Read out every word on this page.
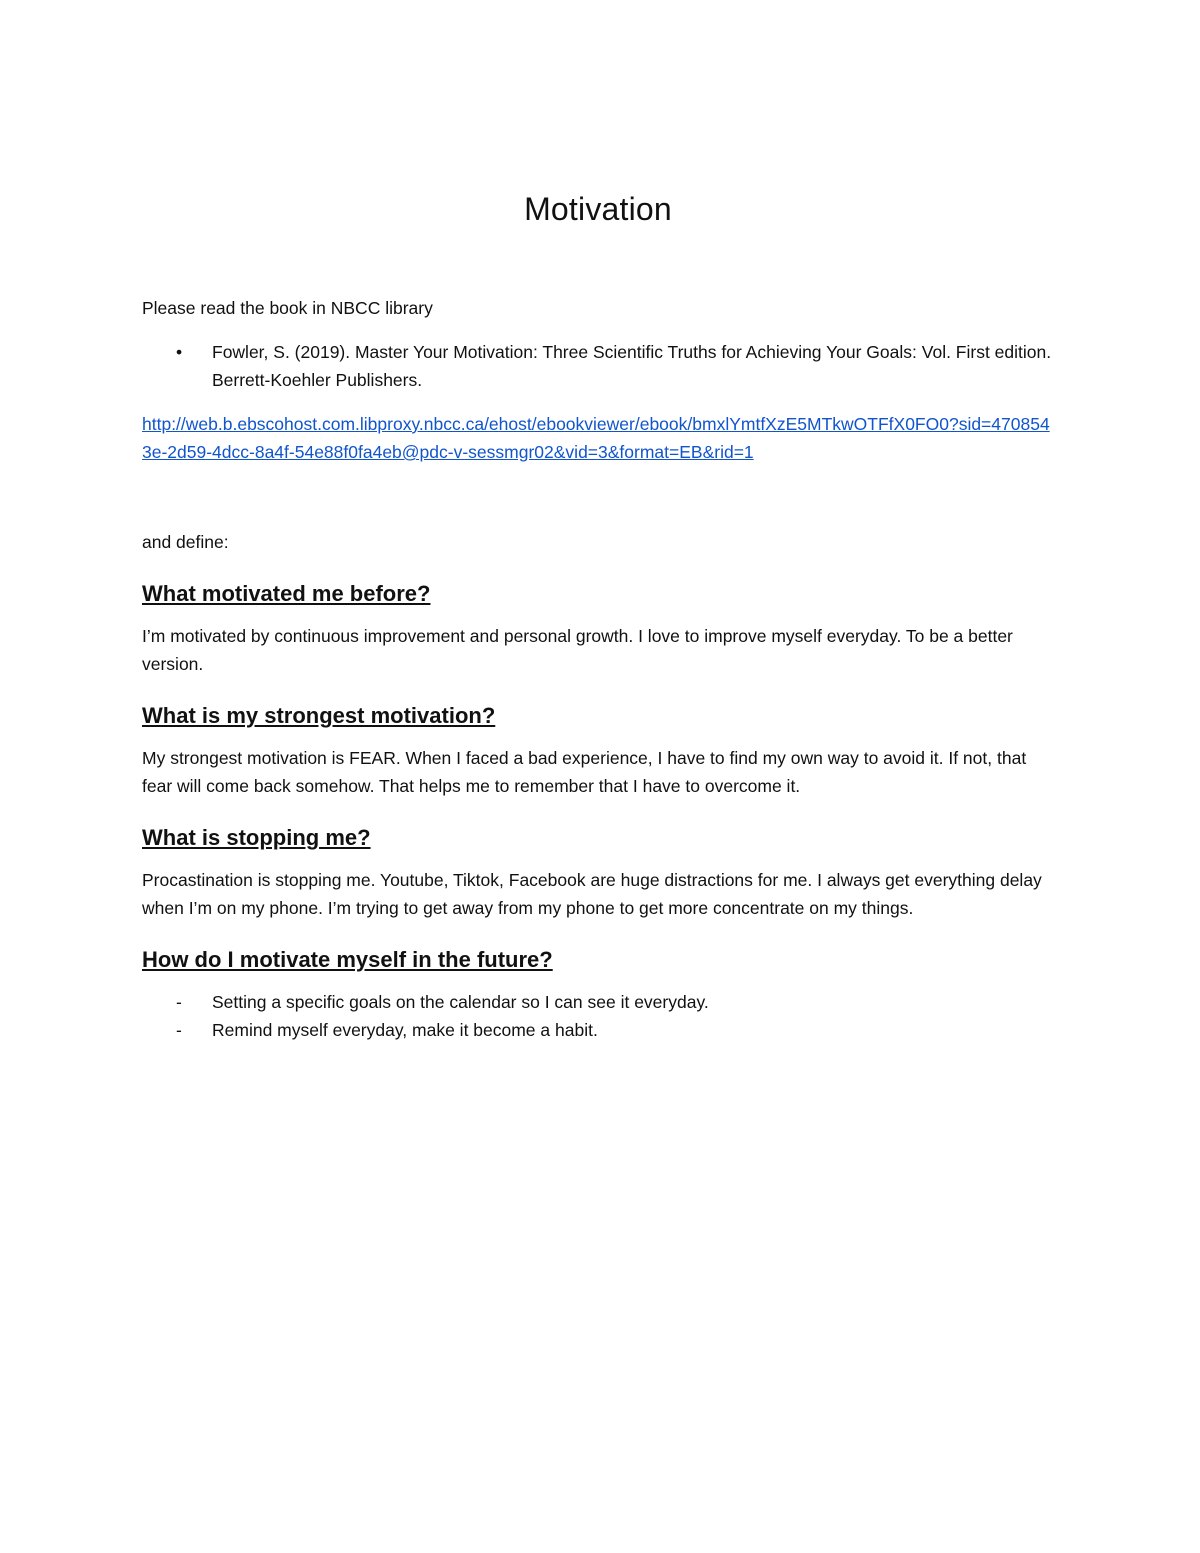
Motivation

Please read the book in NBCC library

• Fowler, S. (2019). Master Your Motivation: Three Scientific Truths for Achieving Your Goals: Vol. First edition. Berrett-Koehler Publishers.
http://web.b.ebscohost.com.libproxy.nbcc.ca/ehost/ebookviewer/ebook/bmxlYmtfXzE5MTkwOTFfX0FO0?sid=4708543e-2d59-4dcc-8a4f-54e88f0fa4eb@pdc-v-sessmgr02&vid=3&format=EB&rid=1

and define:

What motivated me before?

I’m motivated by continuous improvement and personal growth. I love to improve myself everyday. To be a better version.

What is my strongest motivation?

My strongest motivation is FEAR. When I faced a bad experience, I have to find my own way to avoid it. If not, that fear will come back somehow. That helps me to remember that I have to overcome it.

What is stopping me?

Procastination is stopping me. Youtube, Tiktok, Facebook are huge distractions for me. I always get everything delay when I’m on my phone. I’m trying to get away from my phone to get more concentrate on my things.

How do I motivate myself in the future?
- Setting a specific goals on the calendar so I can see it everyday.
- Remind myself everyday, make it become a habit.
